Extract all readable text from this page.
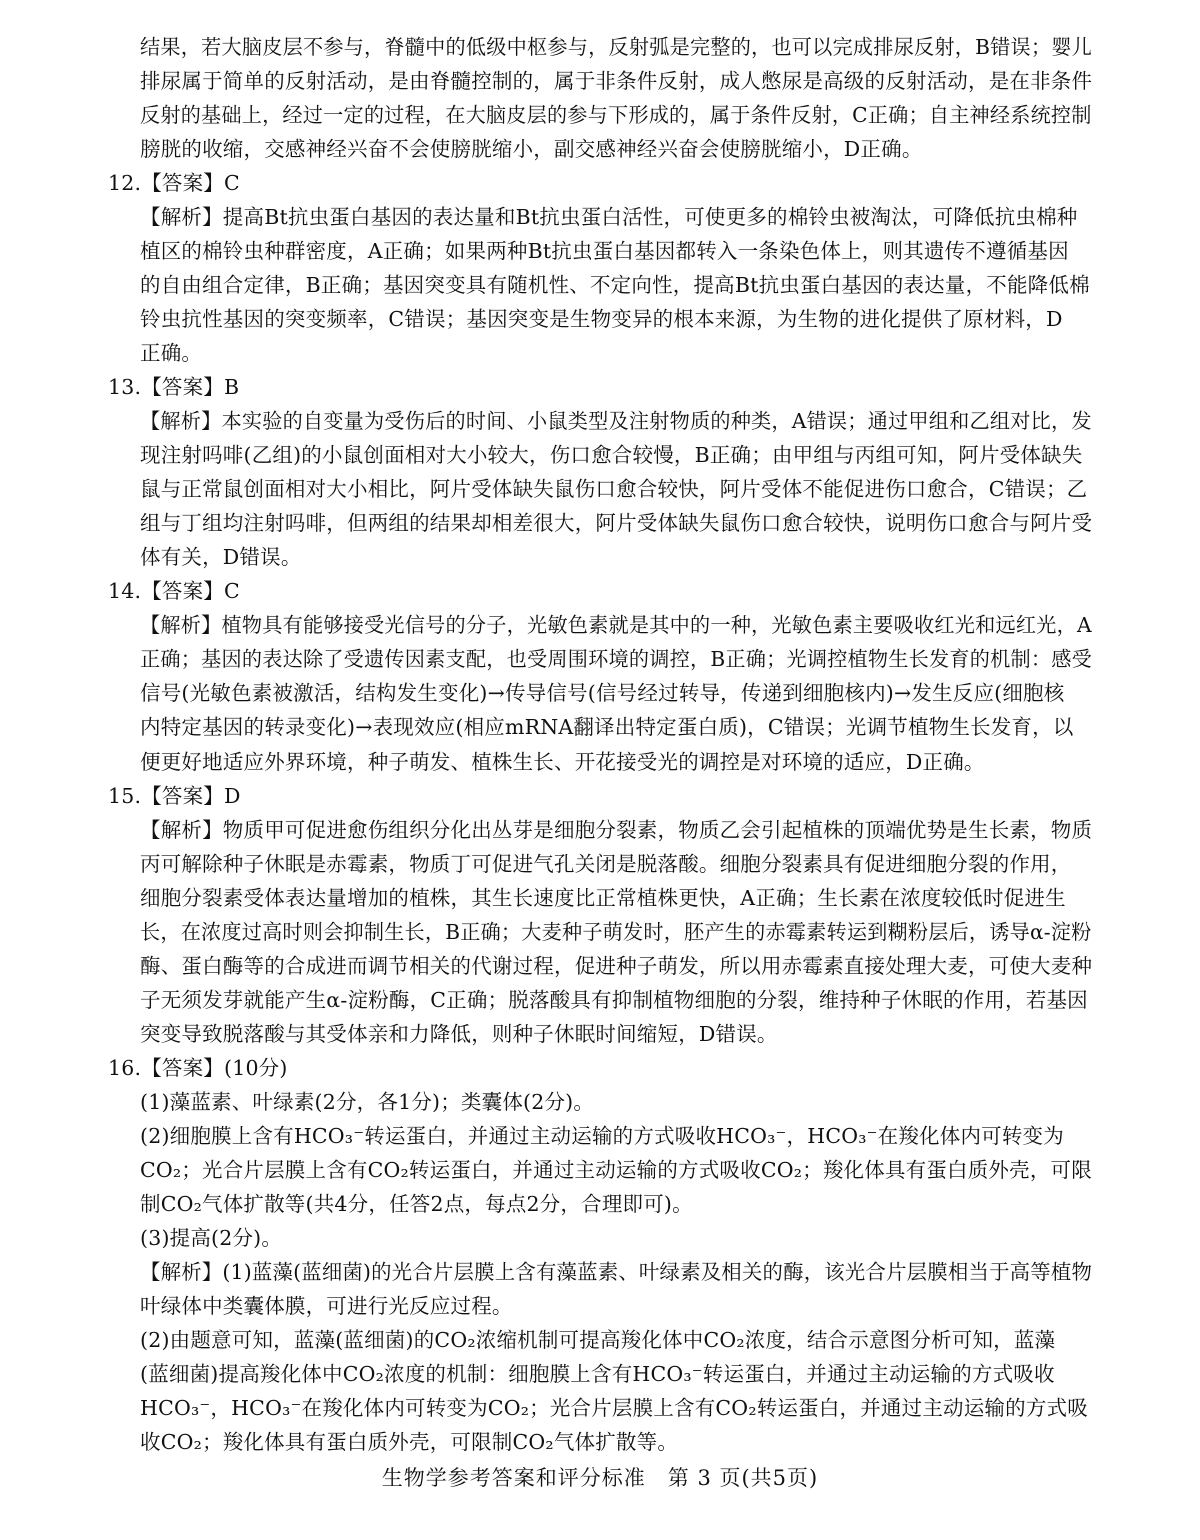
结果，若大脑皮层不参与，脊髓中的低级中枢参与，反射弧是完整的，也可以完成排尿反射，B错误；婴儿
排尿属于简单的反射活动，是由脊髓控制的，属于非条件反射，成人憋尿是高级的反射活动，是在非条件
反射的基础上，经过一定的过程，在大脑皮层的参与下形成的，属于条件反射，C正确；自主神经系统控制
膀胱的收缩，交感神经兴奋不会使膀胱缩小，副交感神经兴奋会使膀胱缩小，D正确。
12.【答案】C
【解析】提高Bt抗虫蛋白基因的表达量和Bt抗虫蛋白活性，可使更多的棉铃虫被淘汰，可降低抗虫棉种
植区的棉铃虫种群密度，A正确；如果两种Bt抗虫蛋白基因都转入一条染色体上，则其遗传不遵循基因
的自由组合定律，B正确；基因突变具有随机性、不定向性，提高Bt抗虫蛋白基因的表达量，不能降低棉
铃虫抗性基因的突变频率，C错误；基因突变是生物变异的根本来源，为生物的进化提供了原材料，D
正确。
13.【答案】B
【解析】本实验的自变量为受伤后的时间、小鼠类型及注射物质的种类，A错误；通过甲组和乙组对比，发
现注射吗啡(乙组)的小鼠创面相对大小较大，伤口愈合较慢，B正确；由甲组与丙组可知，阿片受体缺失
鼠与正常鼠创面相对大小相比，阿片受体缺失鼠伤口愈合较快，阿片受体不能促进伤口愈合，C错误；乙
组与丁组均注射吗啡，但两组的结果却相差很大，阿片受体缺失鼠伤口愈合较快，说明伤口愈合与阿片受
体有关，D错误。
14.【答案】C
【解析】植物具有能够接受光信号的分子，光敏色素就是其中的一种，光敏色素主要吸收红光和远红光，A
正确；基因的表达除了受遗传因素支配，也受周围环境的调控，B正确；光调控植物生长发育的机制：感受
信号(光敏色素被激活，结构发生变化)→传导信号(信号经过转导，传递到细胞核内)→发生反应(细胞核
内特定基因的转录变化)→表现效应(相应mRNA翻译出特定蛋白质)，C错误；光调节植物生长发育，以
便更好地适应外界环境，种子萌发、植株生长、开花接受光的调控是对环境的适应，D正确。
15.【答案】D
【解析】物质甲可促进愈伤组织分化出丛芽是细胞分裂素，物质乙会引起植株的顶端优势是生长素，物质
丙可解除种子休眠是赤霉素，物质丁可促进气孔关闭是脱落酸。细胞分裂素具有促进细胞分裂的作用，
细胞分裂素受体表达量增加的植株，其生长速度比正常植株更快，A正确；生长素在浓度较低时促进生
长，在浓度过高时则会抑制生长，B正确；大麦种子萌发时，胚产生的赤霉素转运到糊粉层后，诱导α-淀粉
酶、蛋白酶等的合成进而调节相关的代谢过程，促进种子萌发，所以用赤霉素直接处理大麦，可使大麦种
子无须发芽就能产生α-淀粉酶，C正确；脱落酸具有抑制植物细胞的分裂，维持种子休眠的作用，若基因
突变导致脱落酸与其受体亲和力降低，则种子休眠时间缩短，D错误。
16.【答案】(10分)
(1)藻蓝素、叶绿素(2分，各1分)；类囊体(2分)。
(2)细胞膜上含有HCO₃⁻转运蛋白，并通过主动运输的方式吸收HCO₃⁻，HCO₃⁻在羧化体内可转变为
CO₂；光合片层膜上含有CO₂转运蛋白，并通过主动运输的方式吸收CO₂；羧化体具有蛋白质外壳，可限
制CO₂气体扩散等(共4分，任答2点，每点2分，合理即可)。
(3)提高(2分)。
【解析】(1)蓝藻(蓝细菌)的光合片层膜上含有藻蓝素、叶绿素及相关的酶，该光合片层膜相当于高等植物
叶绿体中类囊体膜，可进行光反应过程。
(2)由题意可知，蓝藻(蓝细菌)的CO₂浓缩机制可提高羧化体中CO₂浓度，结合示意图分析可知，蓝藻
(蓝细菌)提高羧化体中CO₂浓度的机制：细胞膜上含有HCO₃⁻转运蛋白，并通过主动运输的方式吸收
HCO₃⁻，HCO₃⁻在羧化体内可转变为CO₂；光合片层膜上含有CO₂转运蛋白，并通过主动运输的方式吸
收CO₂；羧化体具有蛋白质外壳，可限制CO₂气体扩散等。
生物学参考答案和评分标准　第 3 页(共5页)
